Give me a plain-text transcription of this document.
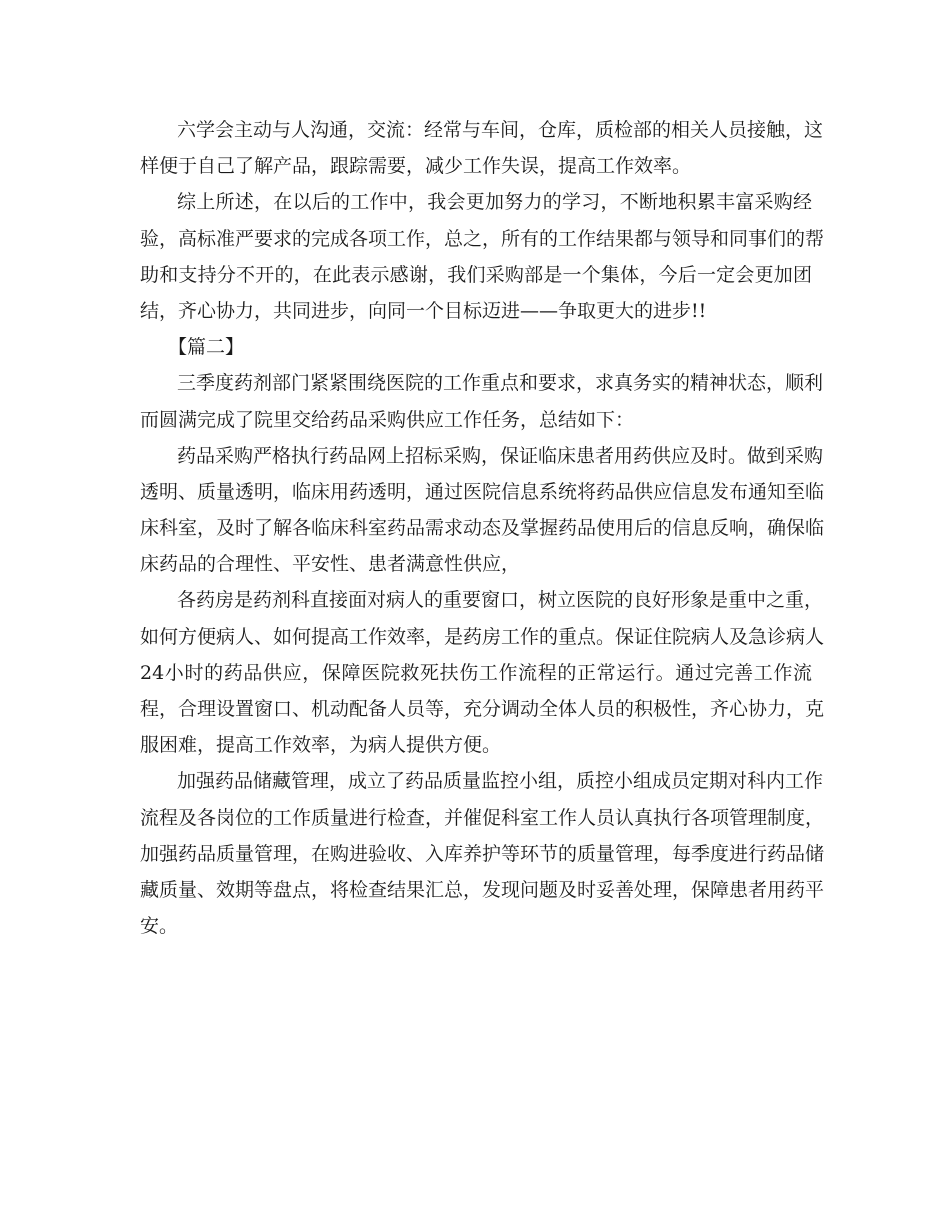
六学会主动与人沟通，交流：经常与车间，仓库，质检部的相关人员接触，这
样便于自己了解产品，跟踪需要，减少工作失误，提高工作效率。
综上所述，在以后的工作中，我会更加努力的学习，不断地积累丰富采购经
验，高标准严要求的完成各项工作，总之，所有的工作结果都与领导和同事们的帮
助和支持分不开的，在此表示感谢，我们采购部是一个集体，今后一定会更加团
结，齐心协力，共同进步，向同一个目标迈进——争取更大的进步!!
【篇二】
三季度药剂部门紧紧围绕医院的工作重点和要求，求真务实的精神状态，顺利
而圆满完成了院里交给药品采购供应工作任务，总结如下：
药品采购严格执行药品网上招标采购，保证临床患者用药供应及时。做到采购
透明、质量透明，临床用药透明，通过医院信息系统将药品供应信息发布通知至临
床科室，及时了解各临床科室药品需求动态及掌握药品使用后的信息反响，确保临
床药品的合理性、平安性、患者满意性供应，
各药房是药剂科直接面对病人的重要窗口，树立医院的良好形象是重中之重，
如何方便病人、如何提高工作效率，是药房工作的重点。保证住院病人及急诊病人
24小时的药品供应，保障医院救死扶伤工作流程的正常运行。通过完善工作流
程，合理设置窗口、机动配备人员等，充分调动全体人员的积极性，齐心协力，克
服困难，提高工作效率，为病人提供方便。
加强药品储藏管理，成立了药品质量监控小组，质控小组成员定期对科内工作
流程及各岗位的工作质量进行检查，并催促科室工作人员认真执行各项管理制度，
加强药品质量管理，在购进验收、入库养护等环节的质量管理，每季度进行药品储
藏质量、效期等盘点，将检查结果汇总，发现问题及时妥善处理，保障患者用药平
安。
